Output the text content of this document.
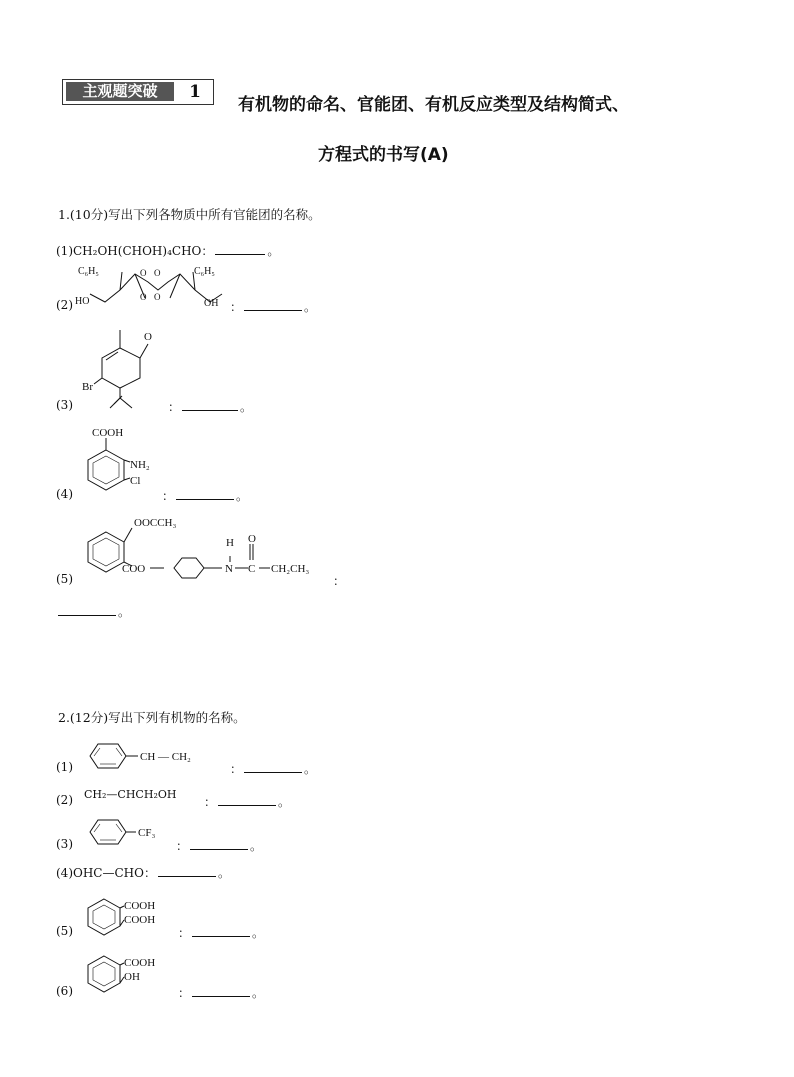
主观题突破	1
有机物的命名、官能团、有机反应类型及结构简式、
方程式的书写(A)
1.(10分)写出下列各物质中所有官能团的名称。
(1)CH₂OH(CHOH)₄CHO：	。
(2)
C₆H₅	C₆H₅
HO	OH
O O
O O
：	。
(3)
O
Br
：	。
(4)
COOH
NH₂
Cl
：	。
(5)
OOCCH₃
COO	N
H O
C CH₂CH₃
：
。
2.(12分)写出下列有机物的名称。
(1)
CH — CH₂
：	。
(2) CH₂—CHCH₂OH
：	。
(3)
CF₃
：	。
(4)OHC—CHO：	。
(5)
COOH
COOH
：	。
(6)
COOH
OH
：	。
